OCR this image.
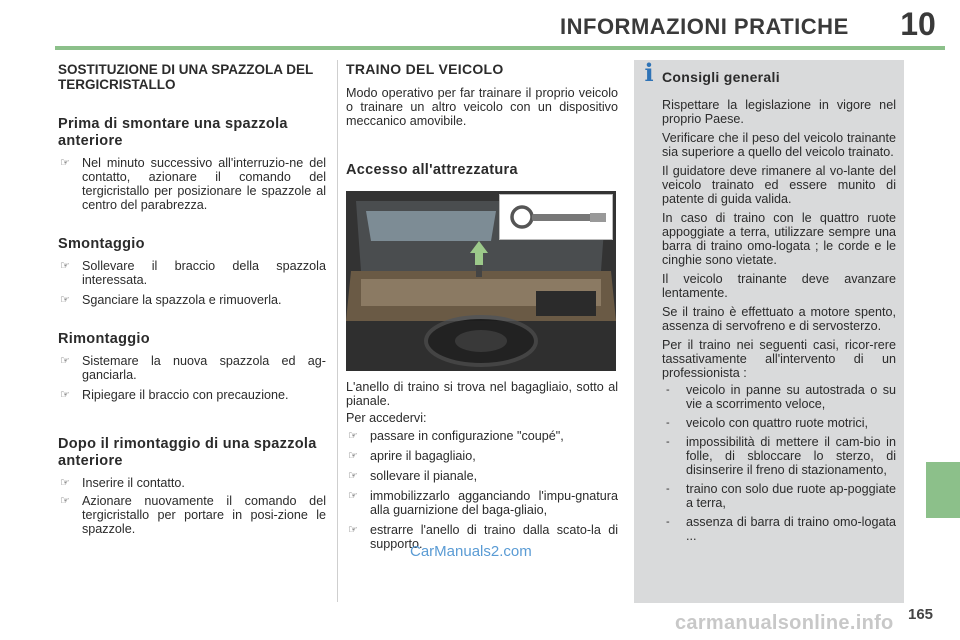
INFORMAZIONI PRATICHE	10
SOSTITUZIONE DI UNA SPAZZOLA DEL TERGICRISTALLO
Prima di smontare una spazzola anteriore
☞ Nel minuto successivo all'interruzio-ne del contatto, azionare il comando del tergicristallo per posizionare le spazzole al centro del parabrezza.
Smontaggio
☞ Sollevare il braccio della spazzola interessata.
☞ Sganciare la spazzola e rimuoverla.
Rimontaggio
☞ Sistemare la nuova spazzola ed ag-ganciarla.
☞ Ripiegare il braccio con precauzione.
Dopo il rimontaggio di una spazzola anteriore
☞ Inserire il contatto.
☞ Azionare nuovamente il comando del tergicristallo per portare in posi-zione le spazzole.
TRAINO DEL VEICOLO

Modo operativo per far trainare il proprio veicolo o trainare un altro veicolo con un dispositivo meccanico amovibile.

Accesso all'attrezzatura

L'anello di traino si trova nel bagagliaio, sotto al pianale.

Per accedervi:

☞ passare in configurazione "coupé",
☞ aprire il bagagliaio,
☞ sollevare il pianale,
☞ immobilizzarlo agganciando l'impu-gnatura alla guarnizione del baga-gliaio,
☞ estrarre l'anello di traino dalla scato-la di supporto.
i Consigli generali

Rispettare la legislazione in vigore nel proprio Paese.

Verificare che il peso del veicolo trainante sia superiore a quello del veicolo trainato.

Il guidatore deve rimanere al vo-lante del veicolo trainato ed essere munito di patente di guida valida.

In caso di traino con le quattro ruote appoggiate a terra, utilizzare sempre una barra di traino omo-logata ; le corde e le cinghie sono vietate.

Il veicolo trainante deve avanzare lentamente.

Se il traino è effettuato a motore spento, assenza di servofreno e di servosterzo.

Per il traino nei seguenti casi, ricor-rere tassativamente all'intervento di un professionista :

- veicolo in panne su autostrada o su vie a scorrimento veloce,
- veicolo con quattro ruote motrici,
- impossibilità di mettere il cam-bio in folle, di sbloccare lo sterzo, di disinserire il freno di stazionamento,
- traino con solo due ruote ap-poggiate a terra,
- assenza di barra di traino omo-logata ...
CarManuals2.com
165
carmanualsonline.info
